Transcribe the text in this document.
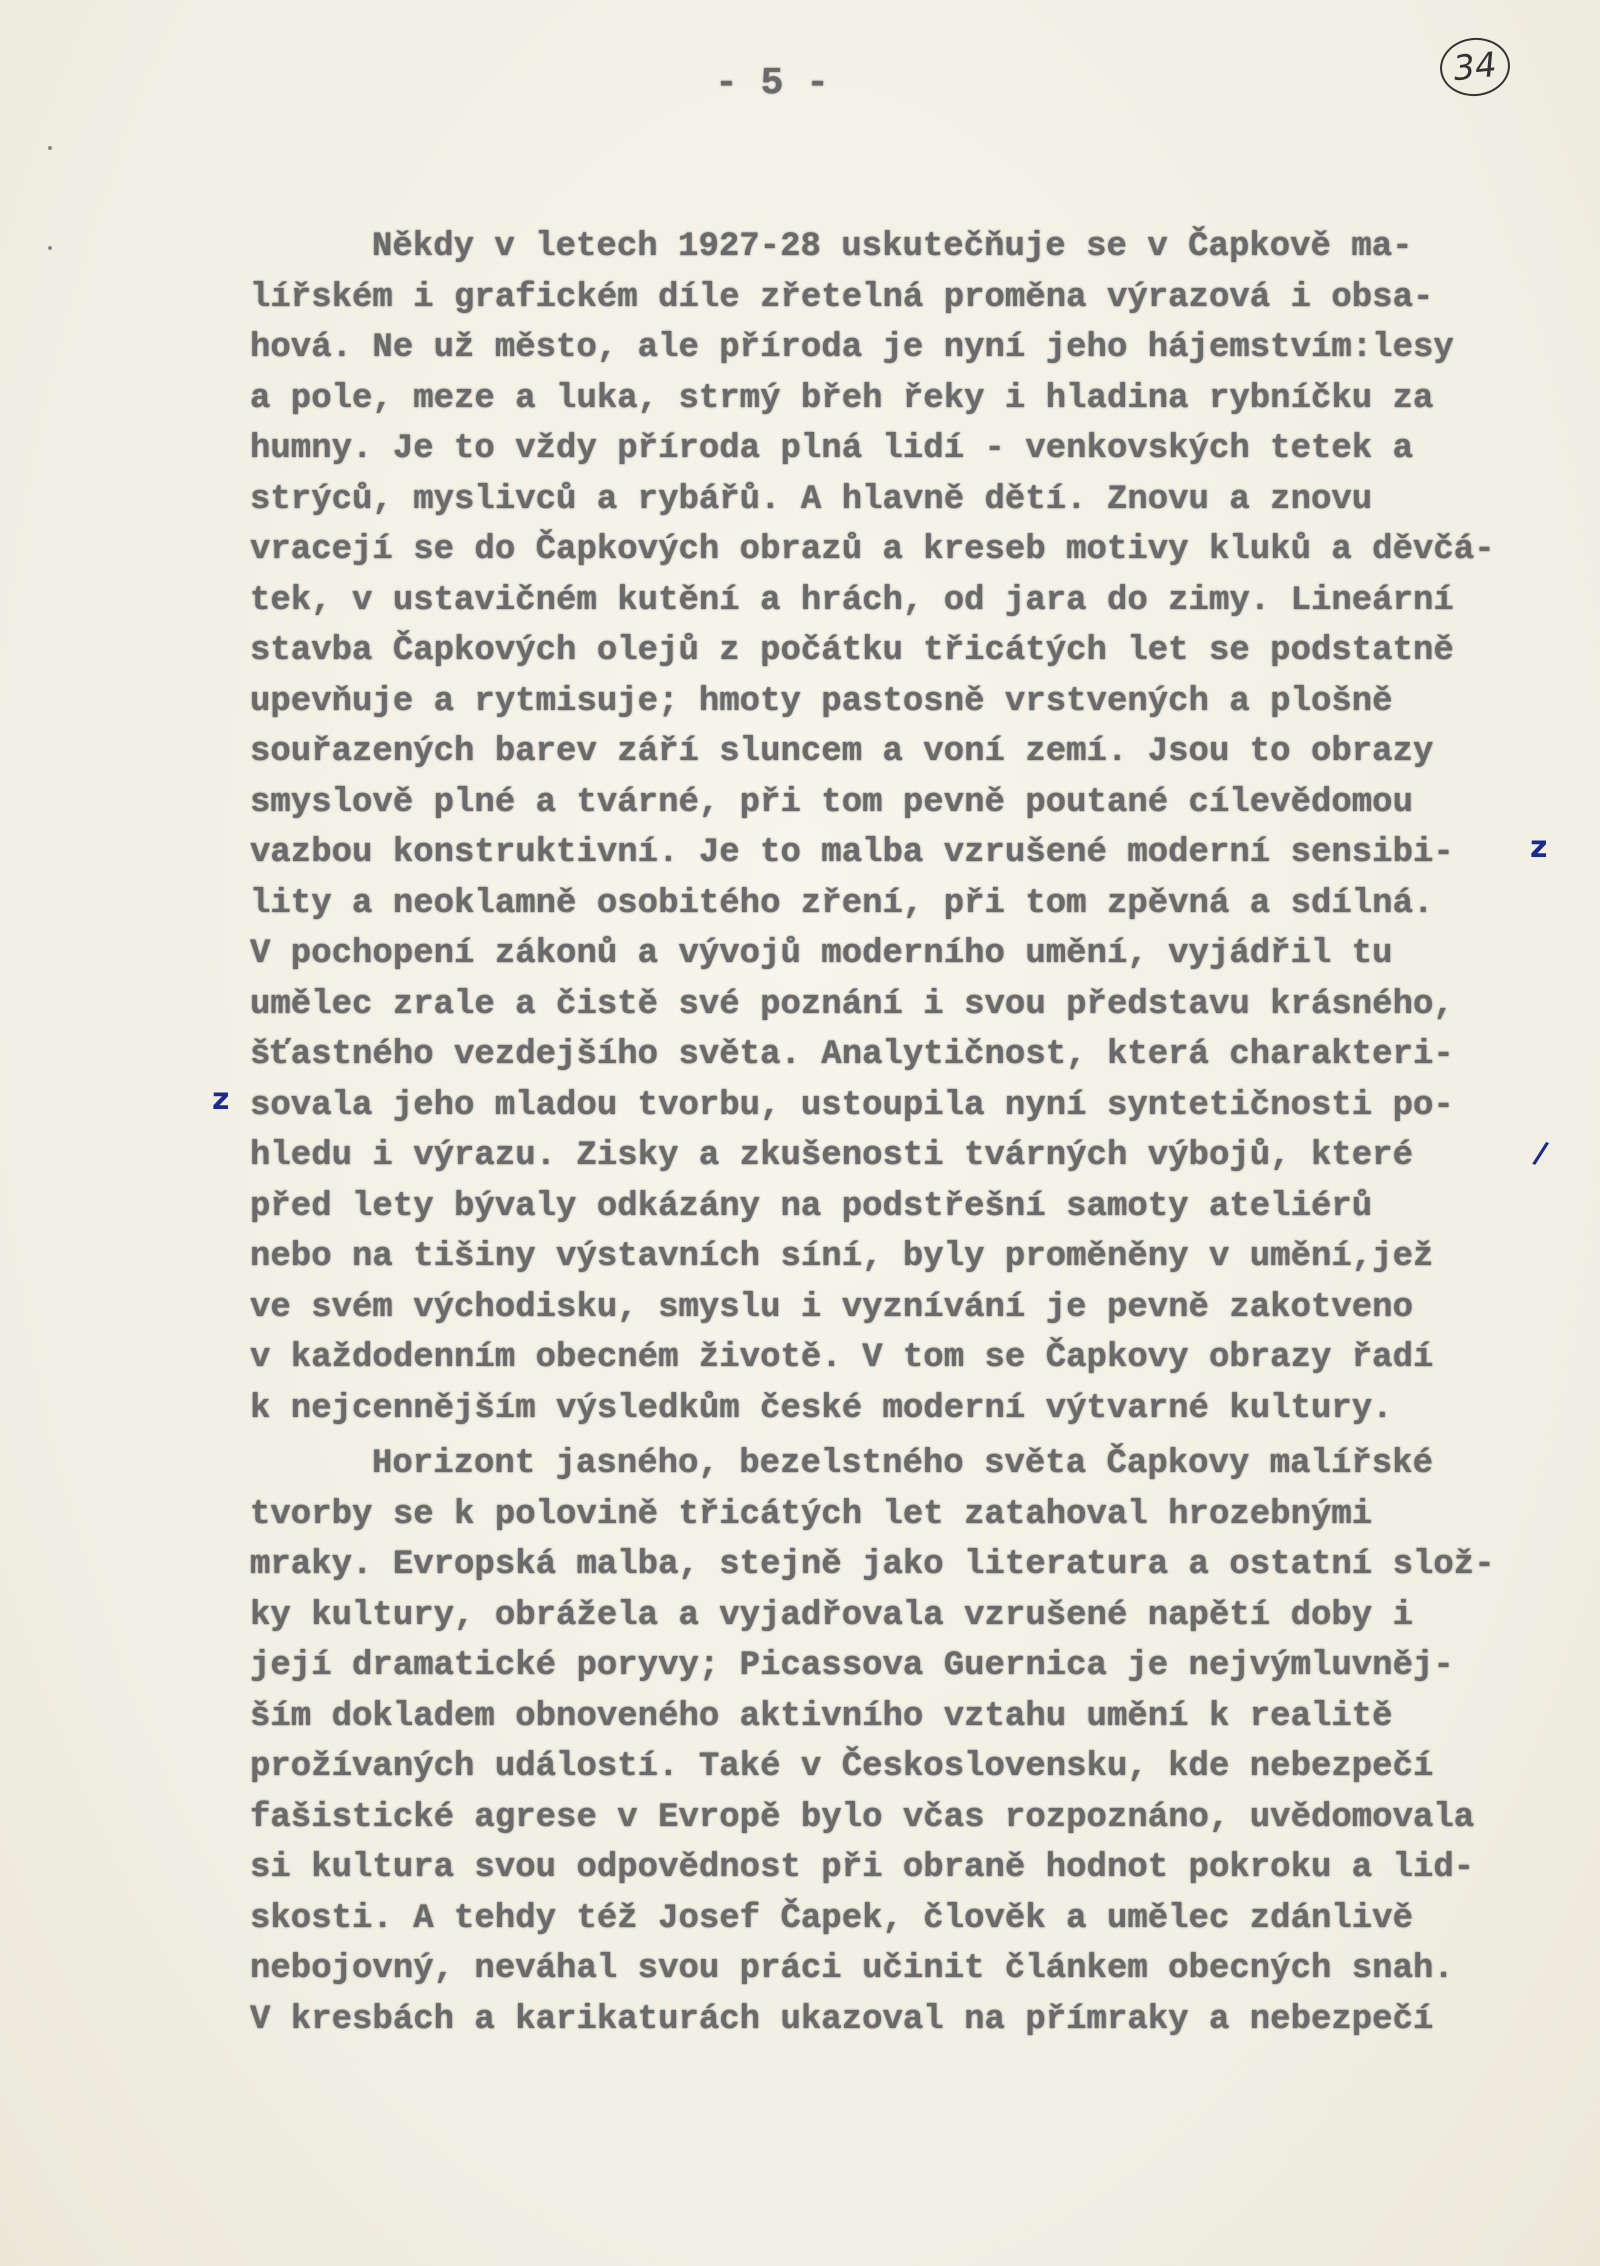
- 5 -	34
Někdy v letech 1927-28 uskutečňuje se v Čapkově ma-
lířském i grafickém díle zřetelná proměna výrazová i obsa-
hová. Ne už město, ale příroda je nyní jeho hájemstvím:lesy
a pole, meze a luka, strmý břeh řeky i hladina rybníčku za
humny. Je to vždy příroda plná lidí - venkovských tetek a
strýců, myslivců a rybářů. A hlavně dětí. Znovu a znovu
vracejí se do Čapkových obrazů a kreseb motivy kluků a děvčá-
tek, v ustavičném kutění a hrách, od jara do zimy. Lineární
stavba Čapkových olejů z počátku třicátých let se podstatně
upevňuje a rytmisuje; hmoty pastosně vrstvených a plošně
souřazených barev září sluncem a voní zemí. Jsou to obrazy
smyslově plné a tvárné, při tom pevně poutané cílevědomou
vazbou konstruktivní. Je to malba vzrušené moderní sensibi-
lity a neoklamně osobitého zření, při tom zpěvná a sdílná.
V pochopení zákonů a vývojů moderního umění, vyjádřil tu
umělec zrale a čistě své poznání i svou představu krásného,
šťastného vezdejšího světa. Analytičnost, která charakteri-
sovala jeho mladou tvorbu, ustoupila nyní syntetičnosti po-
hledu i výrazu. Zisky a zkušenosti tvárných výbojů, které
před lety bývaly odkázány na podstřešní samoty ateliérů
nebo na tišiny výstavních síní, byly proměněny v umění,jež
ve svém východisku, smyslu i vyznívání je pevně zakotveno
v každodenním obecném životě. V tom se Čapkovy obrazy řadí
k nejcennějším výsledkům české moderní výtvarné kultury.
Horizont jasného, bezelstného světa Čapkovy malířské
tvorby se k polovině třicátých let zatahoval hrozebnými
mraky. Evropská malba, stejně jako literatura a ostatní slož-
ky kultury, obrážela a vyjadřovala vzrušené napětí doby i
její dramatické poryvy; Picassova Guernica je nejvýmluvněj-
ším dokladem obnoveného aktivního vztahu umění k realitě
prožívaných událostí. Také v Československu, kde nebezpečí
fašistické agrese v Evropě bylo včas rozpoznáno, uvědomovala
si kultura svou odpovědnost při obraně hodnot pokroku a lid-
skosti. A tehdy též Josef Čapek, člověk a umělec zdánlivě
nebojovný, neváhal svou práci učinit článkem obecných snah.
V kresbách a karikaturách ukazoval na přímraky a nebezpečí
z
z
/
